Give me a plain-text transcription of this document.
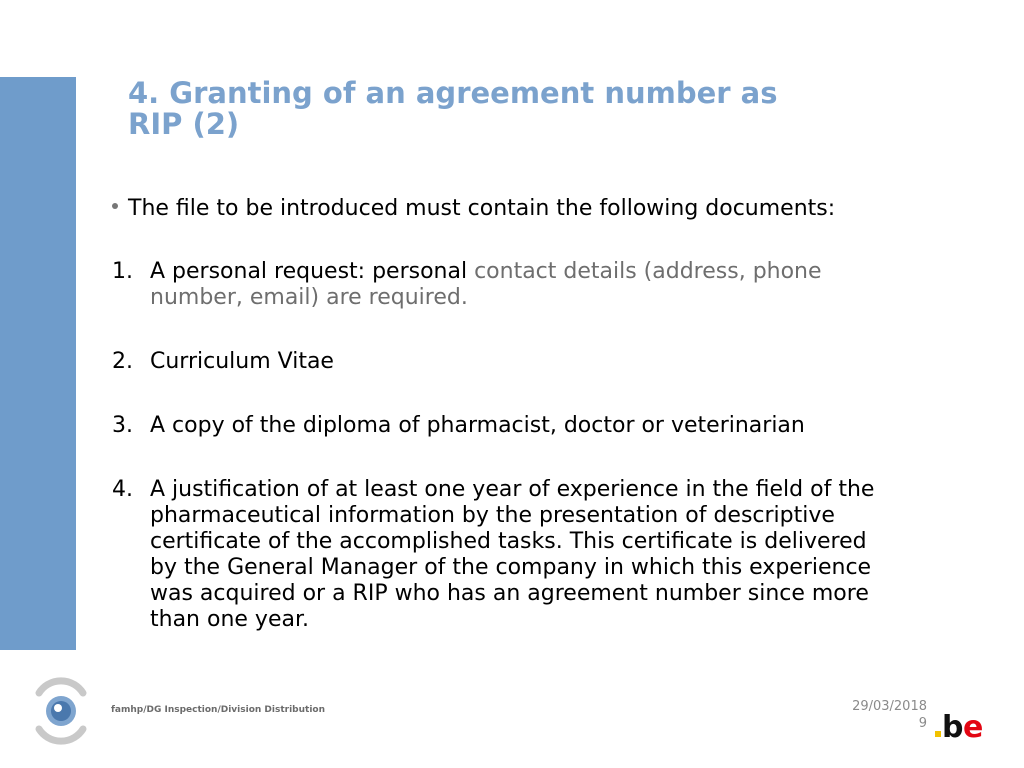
4. Granting of an agreement number as
RIP (2)
The file to be introduced must contain the following documents:
1. A personal request: personal contact details (address, phone
number, email) are required.
2. Curriculum Vitae
3. A copy of the diploma of pharmacist, doctor or veterinarian
4. A justification of at least one year of experience in the field of the
pharmaceutical information by the presentation of descriptive
certificate of the accomplished tasks. This certificate is delivered
by the General Manager of the company in which this experience
was acquired or a RIP who has an agreement number since more
than one year.
famhp/DG Inspection/Division Distribution	29/03/2018
9 b e
